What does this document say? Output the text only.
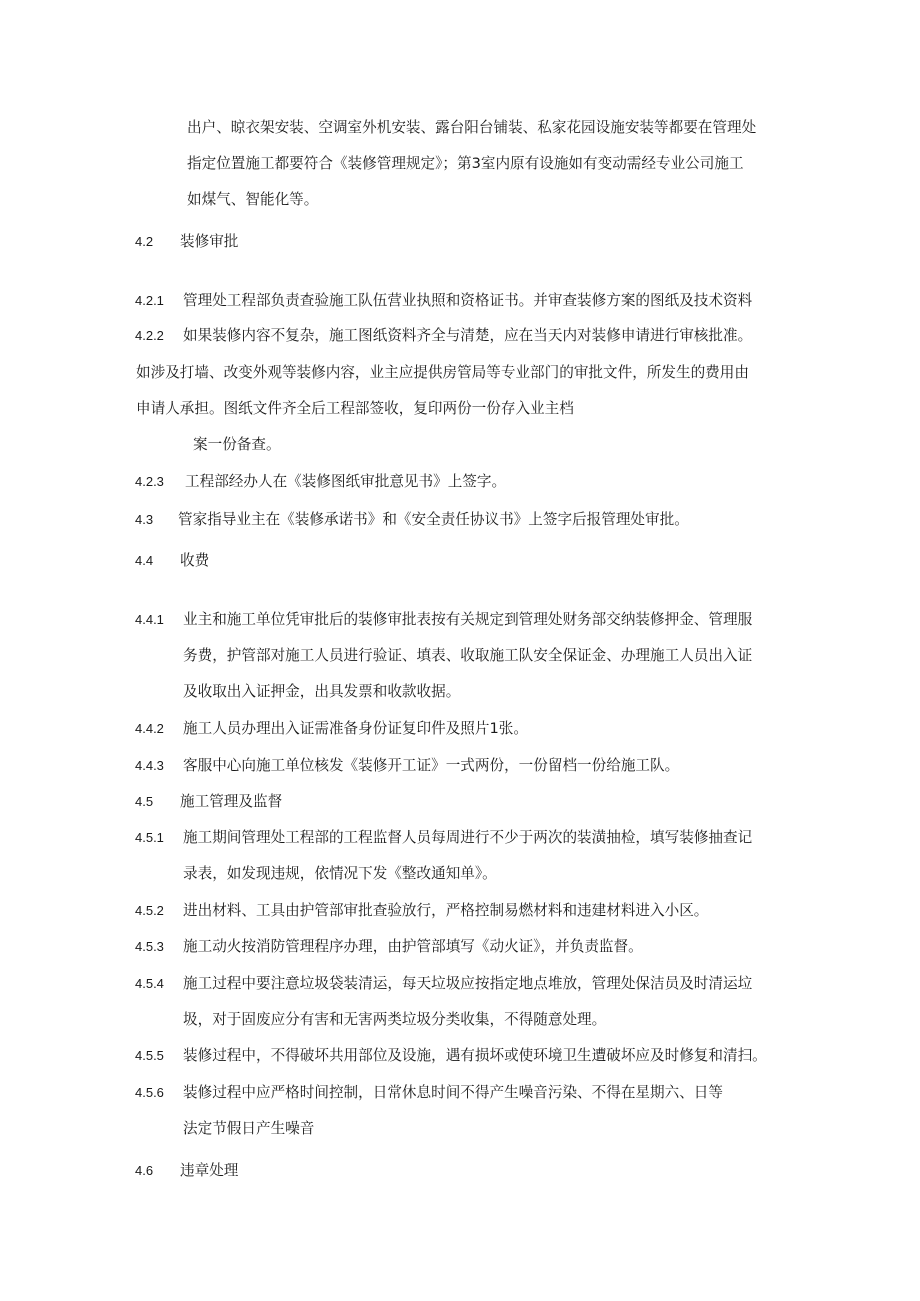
出户、晾衣架安装、空调室外机安装、露台阳台铺装、私家花园设施安装等都要在管理处
指定位置施工都要符合《装修管理规定》；第3室内原有设施如有变动需经专业公司施工
如煤气、智能化等。
4.2 装修审批
4.2.1 管理处工程部负责查验施工队伍营业执照和资格证书。并审查装修方案的图纸及技术资料
4.2.2 如果装修内容不复杂，施工图纸资料齐全与清楚，应在当天内对装修申请进行审核批准。
如涉及打墙、改变外观等装修内容，业主应提供房管局等专业部门的审批文件，所发生的费用由
申请人承担。图纸文件齐全后工程部签收，复印两份一份存入业主档
案一份备查。
4.2.3 工程部经办人在《装修图纸审批意见书》上签字。
4.3 管家指导业主在《装修承诺书》和《安全责任协议书》上签字后报管理处审批。
4.4 收费
4.4.1 业主和施工单位凭审批后的装修审批表按有关规定到管理处财务部交纳装修押金、管理服
务费，护管部对施工人员进行验证、填表、收取施工队安全保证金、办理施工人员出入证
及收取出入证押金，出具发票和收款收据。
4.4.2 施工人员办理出入证需准备身份证复印件及照片1张。
4.4.3 客服中心向施工单位核发《装修开工证》一式两份，一份留档一份给施工队。
4.5 施工管理及监督
4.5.1 施工期间管理处工程部的工程监督人员每周进行不少于两次的装潢抽检，填写装修抽查记
录表，如发现违规，依情况下发《整改通知单》。
4.5.2 进出材料、工具由护管部审批查验放行，严格控制易燃材料和违建材料进入小区。
4.5.3 施工动火按消防管理程序办理，由护管部填写《动火证》，并负责监督。
4.5.4 施工过程中要注意垃圾袋装清运，每天垃圾应按指定地点堆放，管理处保洁员及时清运垃
圾，对于固废应分有害和无害两类垃圾分类收集，不得随意处理。
4.5.5 装修过程中，不得破坏共用部位及设施，遇有损坏或使环境卫生遭破坏应及时修复和清扫。
4.5.6 装修过程中应严格时间控制，日常休息时间不得产生噪音污染、不得在星期六、日等
法定节假日产生噪音
4.6 违章处理
